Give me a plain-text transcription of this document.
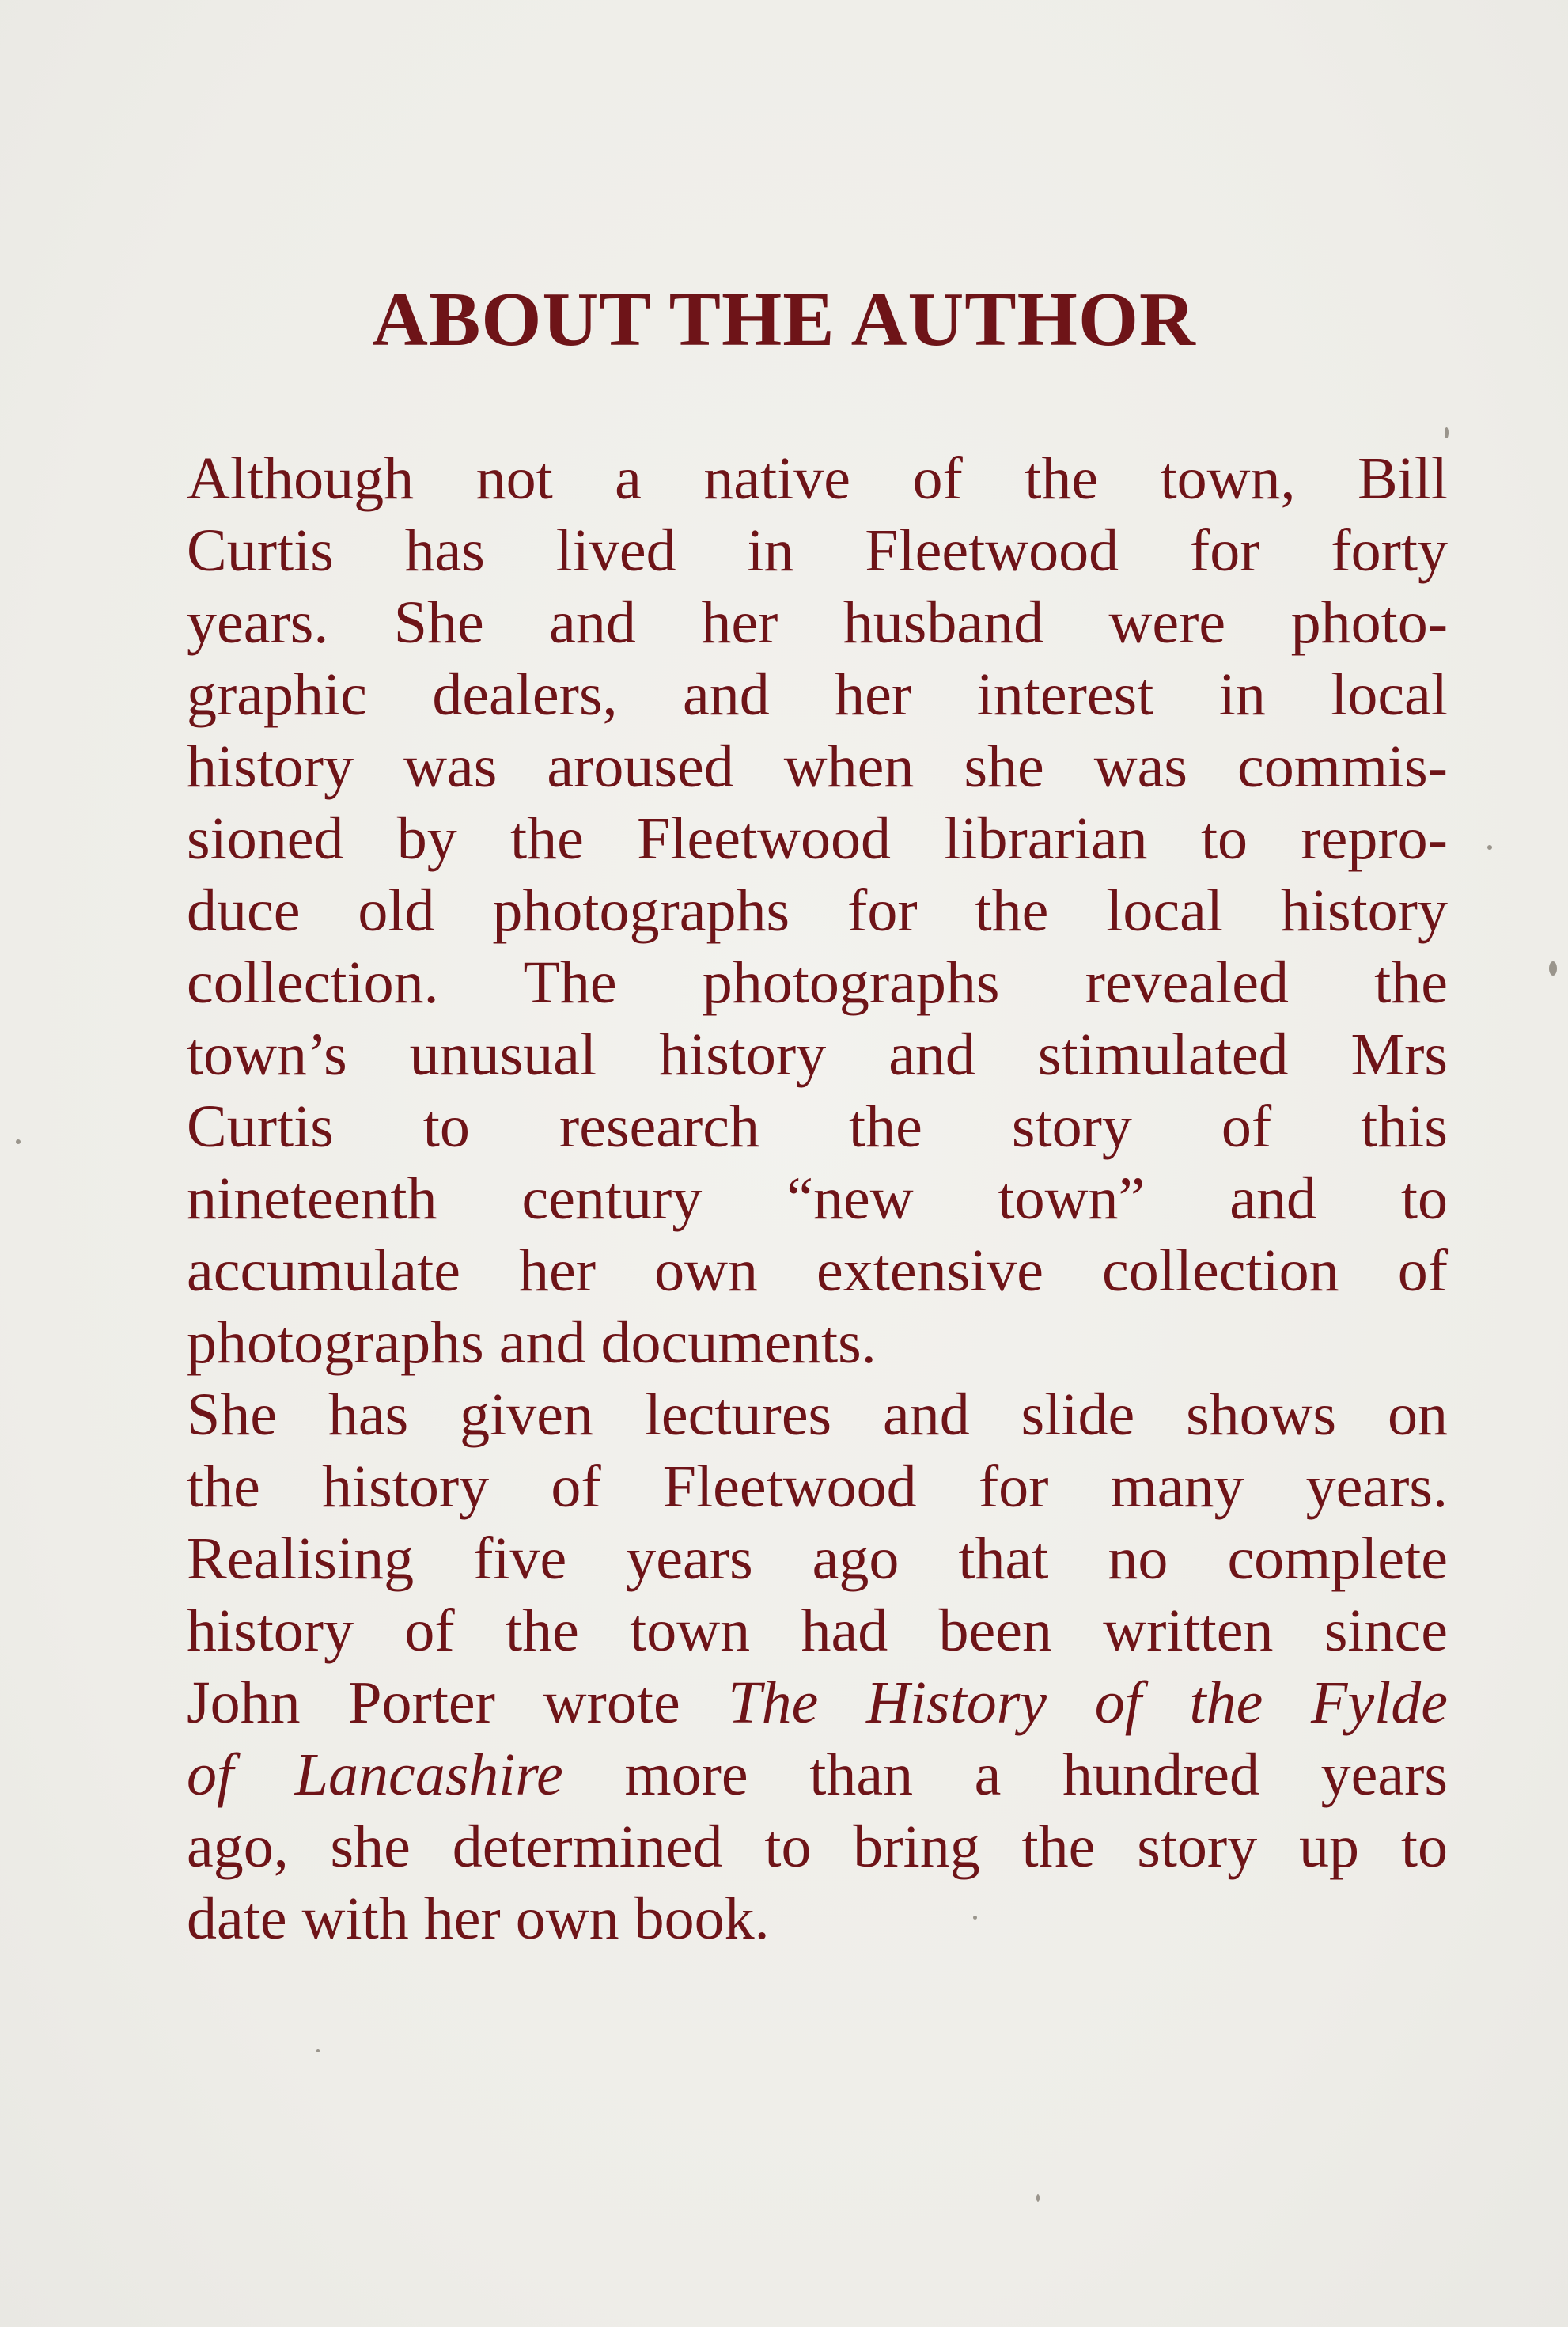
ABOUT THE AUTHOR

Although not a native of the town, Bill
Curtis has lived in Fleetwood for forty
years. She and her husband were photo-
graphic dealers, and her interest in local
history was aroused when she was commis-
sioned by the Fleetwood librarian to repro-
duce old photographs for the local history
collection. The photographs revealed the
town’s unusual history and stimulated Mrs
Curtis to research the story of this
nineteenth century “new town” and to
accumulate her own extensive collection of
photographs and documents.

She has given lectures and slide shows on
the history of Fleetwood for many years.
Realising five years ago that no complete
history of the town had been written since
John Porter wrote The History of the Fylde
of Lancashire more than a hundred years
ago, she determined to bring the story up to
date with her own book.
